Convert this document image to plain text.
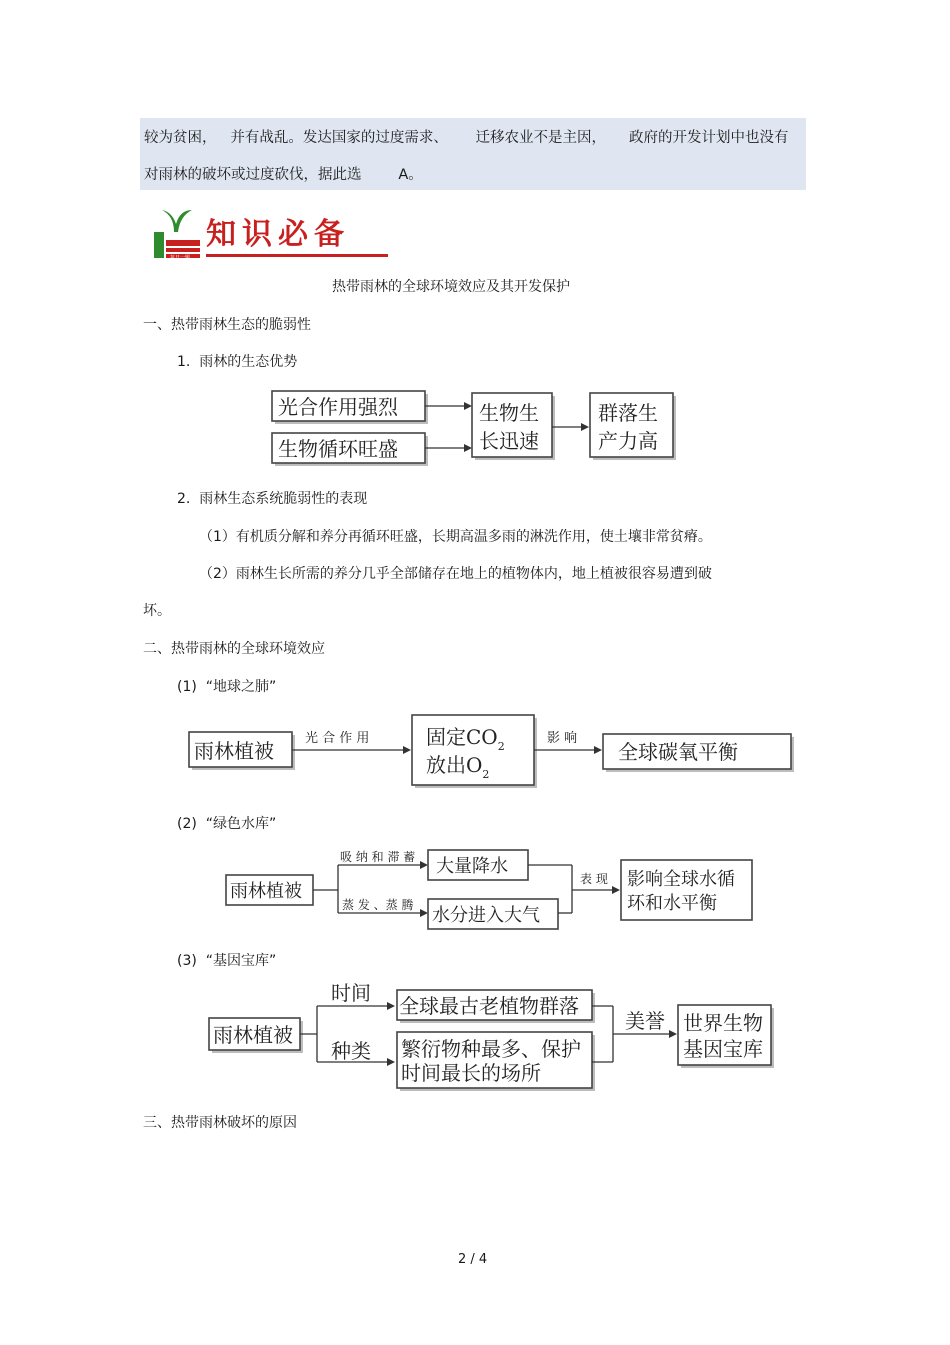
较为贫困，   并有战乱。发达国家的过度需求、      迁移农业不是主因，     政府的开发计划中也没有
对雨林的破坏或过度砍伐，据此选        A。
每日一题
知识必备
热带雨林的全球环境效应及其开发保护
一、热带雨林生态的脆弱性
1.  雨林的生态优势
光合作用强烈
生物循环旺盛
生物生
长迅速
群落生
产力高
2.  雨林生态系统脆弱性的表现
（1）有机质分解和养分再循环旺盛，长期高温多雨的淋洗作用，使土壤非常贫瘠。
（2）雨林生长所需的养分几乎全部储存在地上的植物体内，地上植被很容易遭到破
坏。
二、热带雨林的全球环境效应
(1)  “地球之肺”
雨林植被
光 合 作 用	固定$CO_2$
放出$O_2$
影 响
全球碳氧平衡
(2)  “绿色水库”
雨林植被
吸 纳 和 滞 蓄
蒸 发 、蒸 腾
大量降水
水分进入大气
表 现 影响全球水循
环和水平衡
(3)  “基因宝库”
雨林植被
时间
种类
全球最古老植物群落
繁衍物种最多、保护
时间最长的场所
美誉 世界生物
基因宝库
三、热带雨林破坏的原因
2 / 4
